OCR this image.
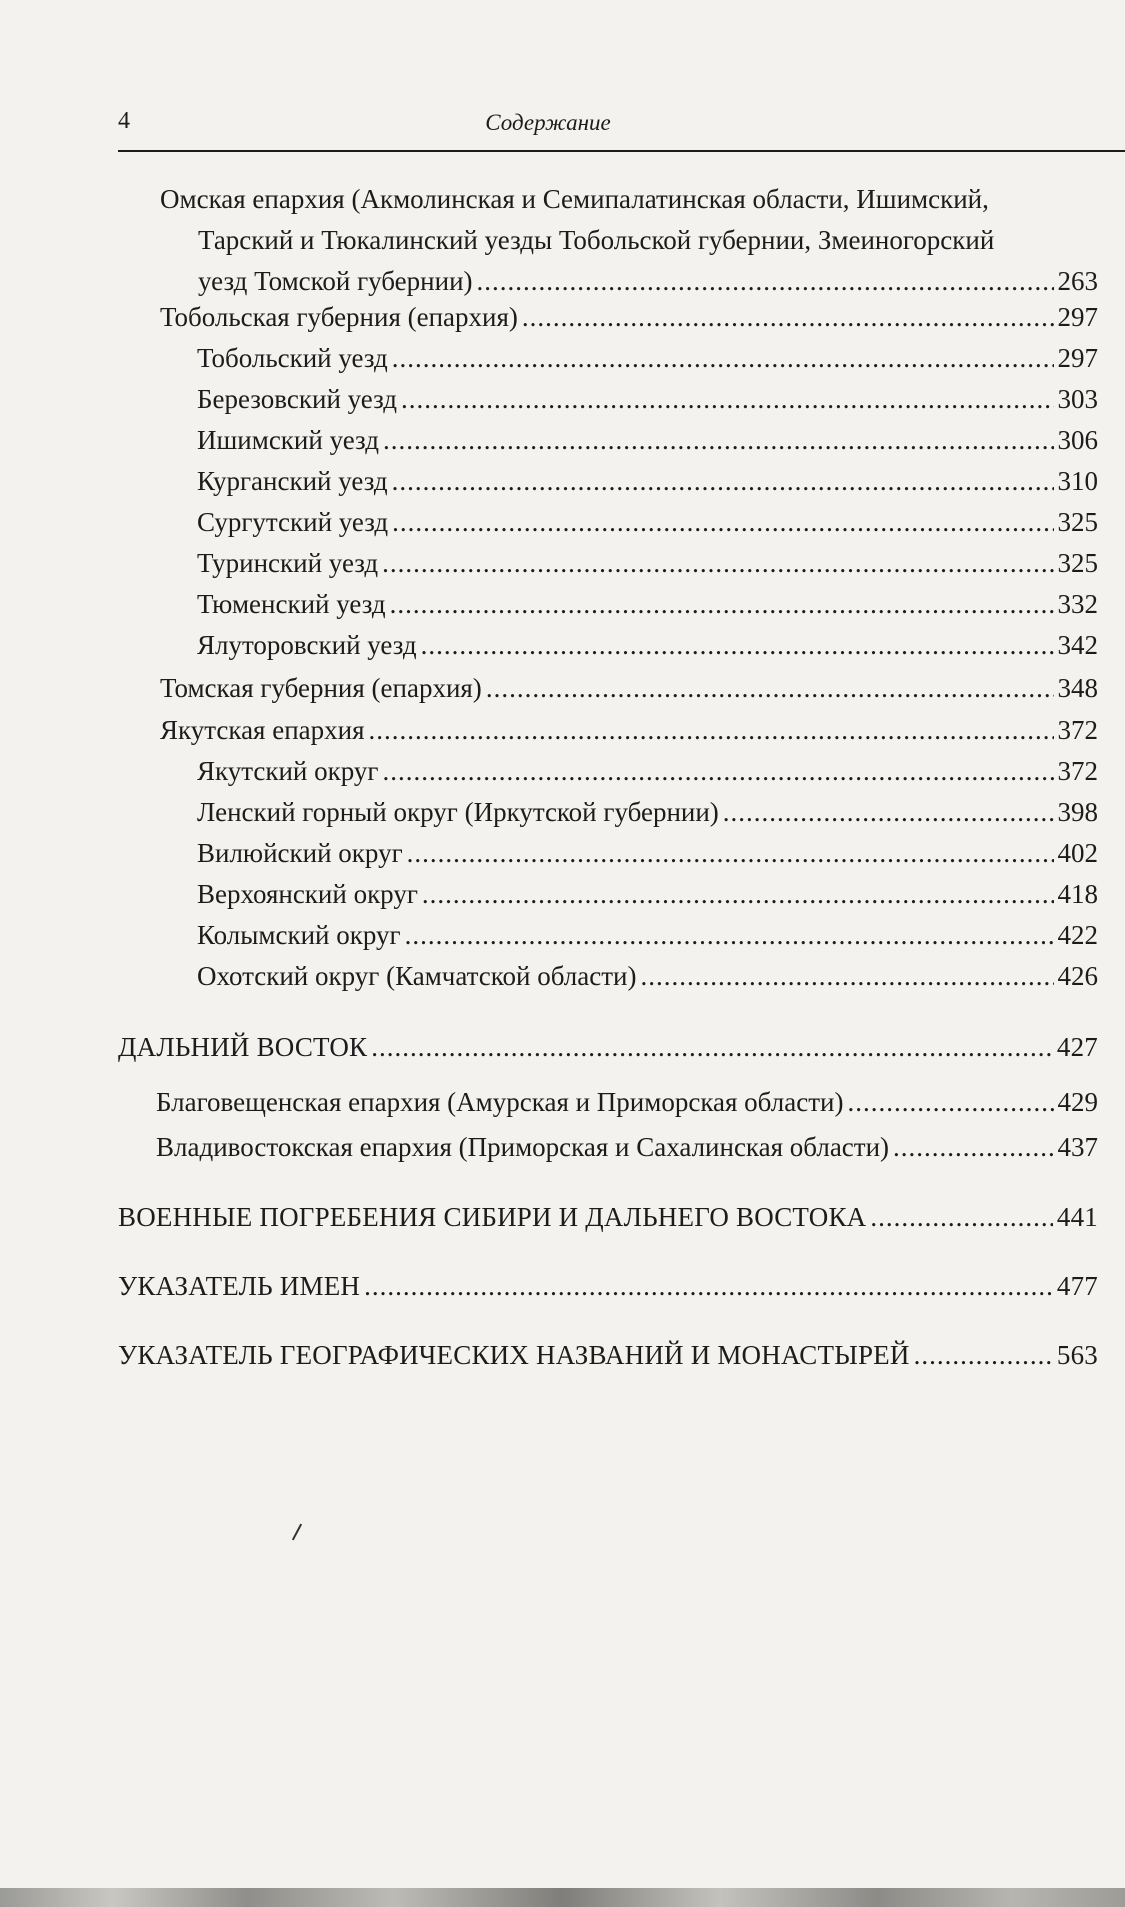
4	Содержание
Омская епархия (Акмолинская и Семипалатинская области, Ишимский,
Тарский и Тюкалинский уезды Тобольской губернии, Змеиногорский
уезд Томской губернии) .....	263
Тобольская губерния (епархия) .....	297
Тобольский уезд .....	297
Березовский уезд .....	303
Ишимский уезд .....	306
Курганский уезд .....	310
Сургутский уезд .....	325
Туринский уезд .....	325
Тюменский уезд .....	332
Ялуторовский уезд .....	342
Томская губерния (епархия) .....	348
Якутская епархия .....	372
Якутский округ .....	372
Ленский горный округ (Иркутской губернии) .....	398
Вилюйский округ .....	402
Верхоянский округ .....	418
Колымский округ .....	422
Охотский округ (Камчатской области) .....	426
ДАЛЬНИЙ ВОСТОК .....	427
Благовещенская епархия (Амурская и Приморская области) .....	429
Владивостокская епархия (Приморская и Сахалинская области) .....	437
ВОЕННЫЕ ПОГРЕБЕНИЯ СИБИРИ И ДАЛЬНЕГО ВОСТОКА .....	441
УКАЗАТЕЛЬ ИМЕН .....	477
УКАЗАТЕЛЬ ГЕОГРАФИЧЕСКИХ НАЗВАНИЙ И МОНАСТЫРЕЙ .....	563
